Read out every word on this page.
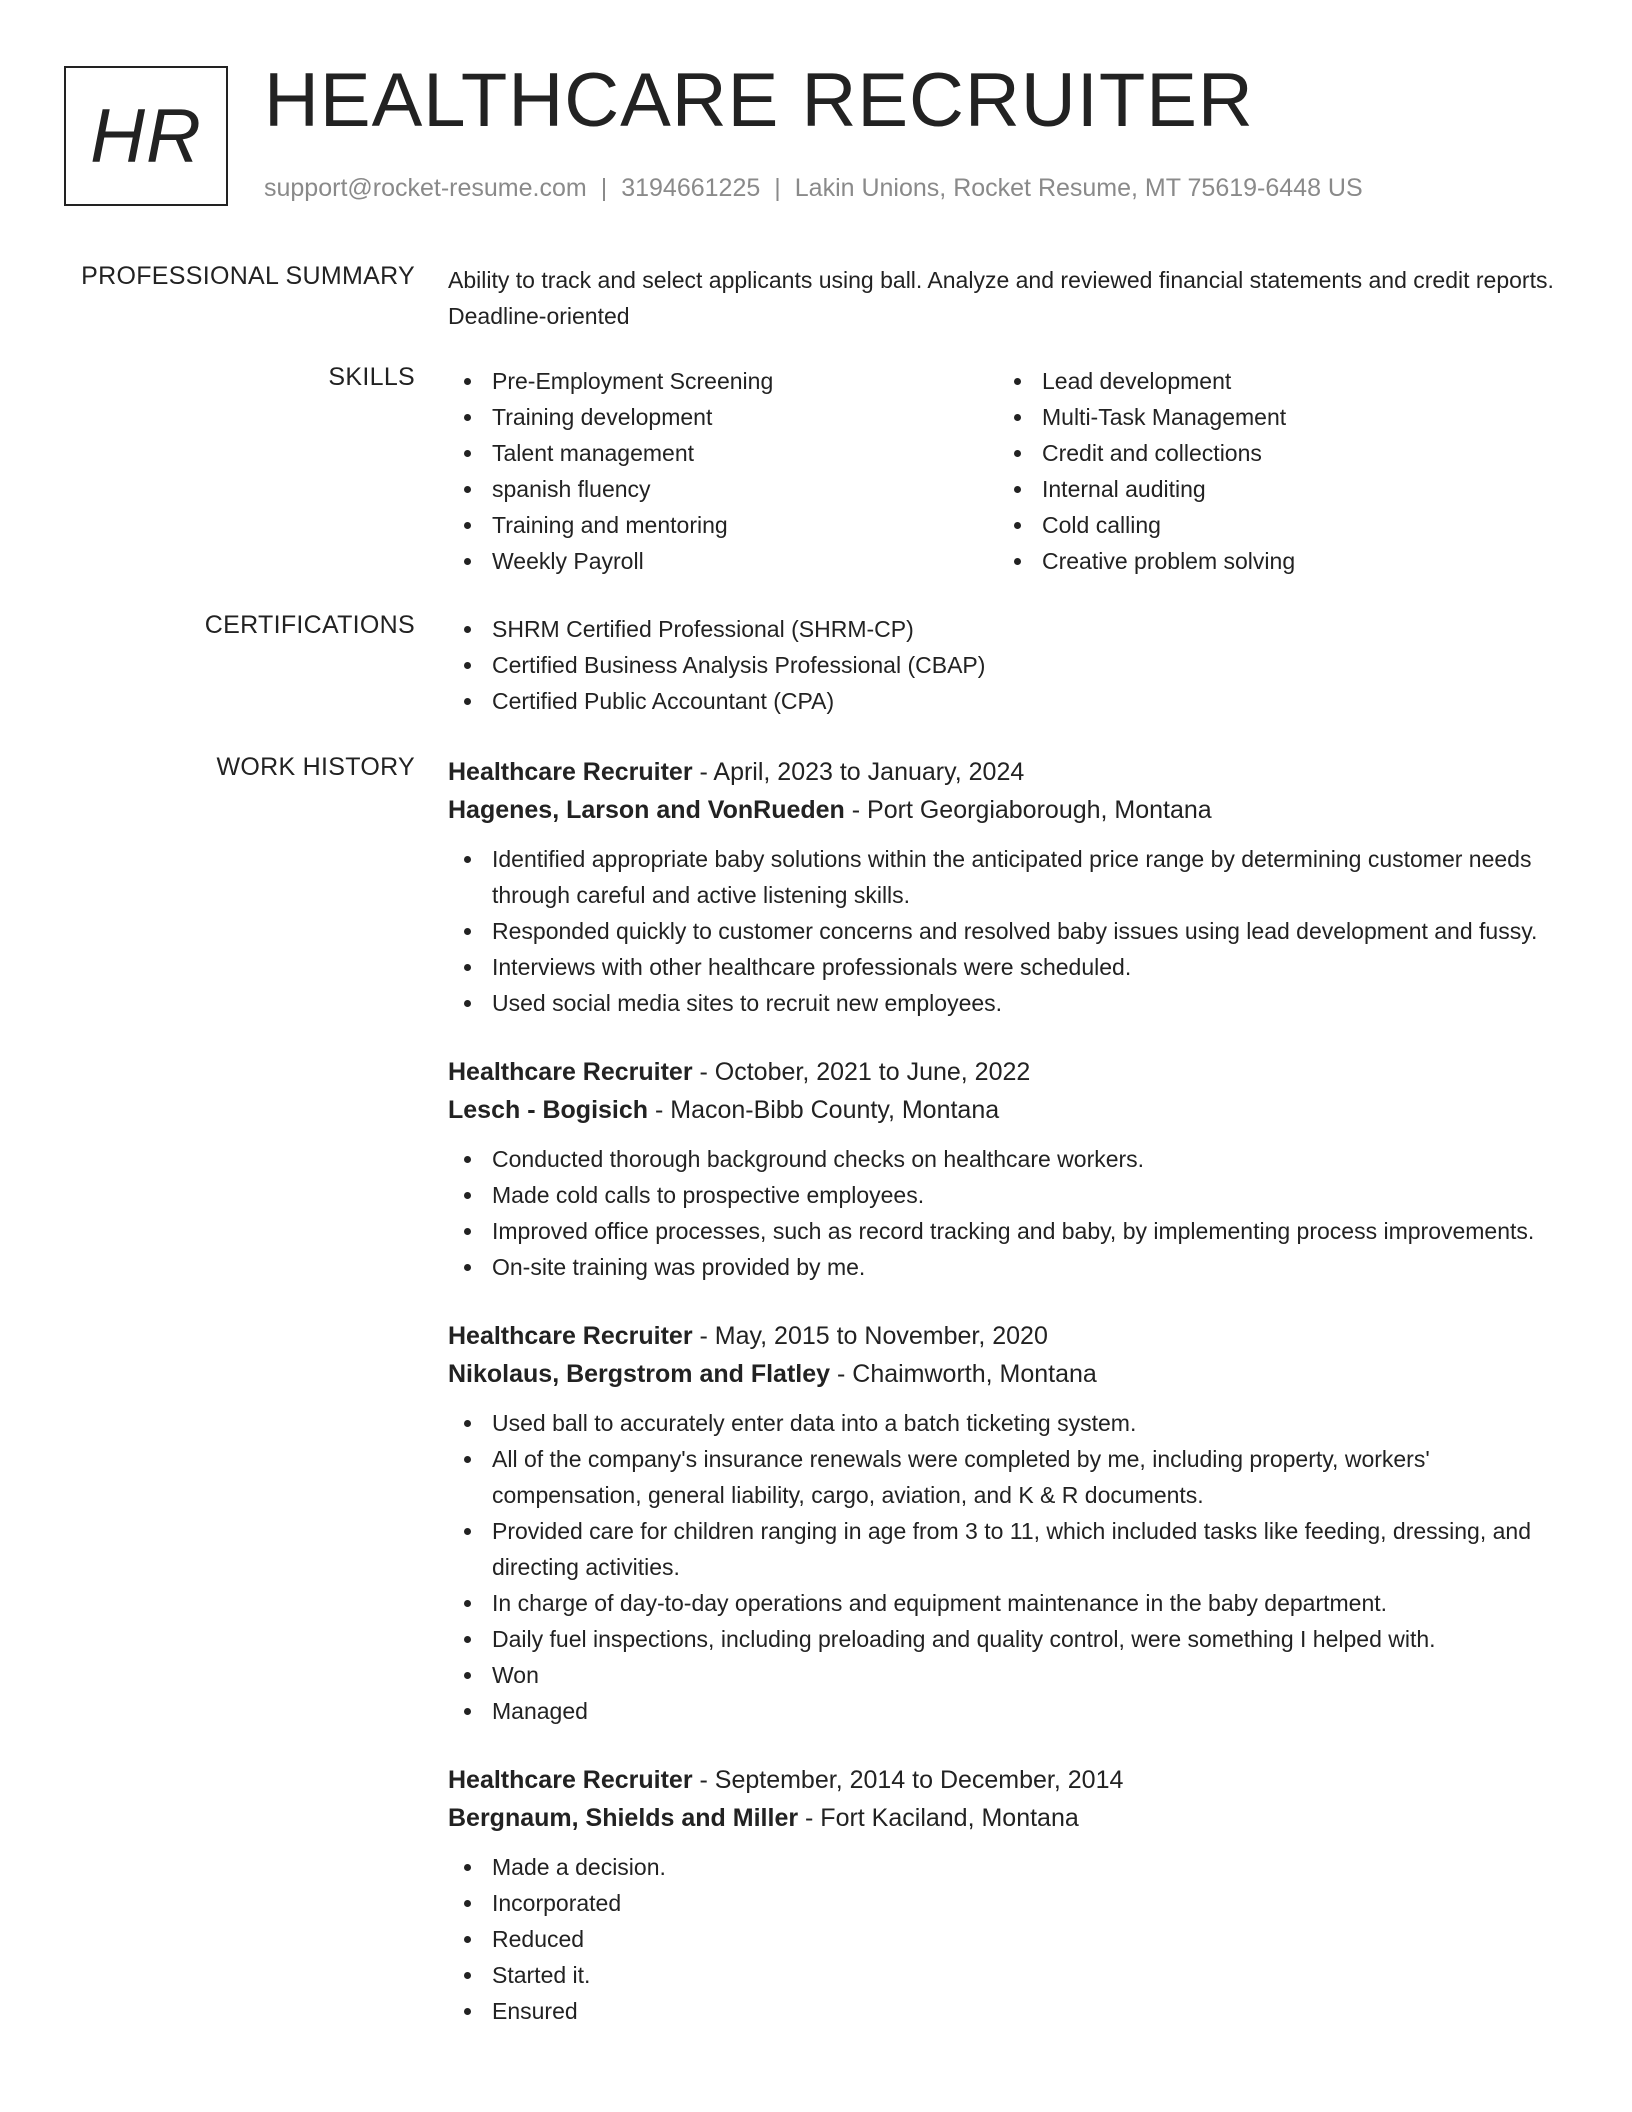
HR HEALTHCARE RECRUITER
support@rocket-resume.com | 3194661225 | Lakin Unions, Rocket Resume, MT 75619-6448 US
PROFESSIONAL SUMMARY Ability to track and select applicants using ball. Analyze and reviewed financial statements and credit reports. Deadline-oriented

SKILLS	Pre-Employment Screening
Training development
Talent management
spanish fluency
Training and mentoring
Weekly Payroll
Lead development
Multi-Task Management
Credit and collections
Internal auditing
Cold calling
Creative problem solving
CERTIFICATIONS	SHRM Certified Professional (SHRM-CP)
Certified Business Analysis Professional (CBAP)
Certified Public Accountant (CPA)
WORK HISTORY Healthcare Recruiter - April, 2023 to January, 2024
Hagenes, Larson and VonRueden - Port Georgiaborough, Montana
Identified appropriate baby solutions within the anticipated price range by determining customer needs through careful and active listening skills.
Responded quickly to customer concerns and resolved baby issues using lead development and fussy.
Interviews with other healthcare professionals were scheduled.
Used social media sites to recruit new employees.
Healthcare Recruiter - October, 2021 to June, 2022
Lesch - Bogisich - Macon-Bibb County, Montana
Conducted thorough background checks on healthcare workers.
Made cold calls to prospective employees.
Improved office processes, such as record tracking and baby, by implementing process improvements.
On-site training was provided by me.
Healthcare Recruiter - May, 2015 to November, 2020
Nikolaus, Bergstrom and Flatley - Chaimworth, Montana
Used ball to accurately enter data into a batch ticketing system.
All of the company's insurance renewals were completed by me, including property, workers' compensation, general liability, cargo, aviation, and K & R documents.
Provided care for children ranging in age from 3 to 11, which included tasks like feeding, dressing, and directing activities.
In charge of day-to-day operations and equipment maintenance in the baby department.
Daily fuel inspections, including preloading and quality control, were something I helped with.
Won
Managed
Healthcare Recruiter - September, 2014 to December, 2014
Bergnaum, Shields and Miller - Fort Kaciland, Montana
Made a decision.
Incorporated
Reduced
Started it.
Ensured
